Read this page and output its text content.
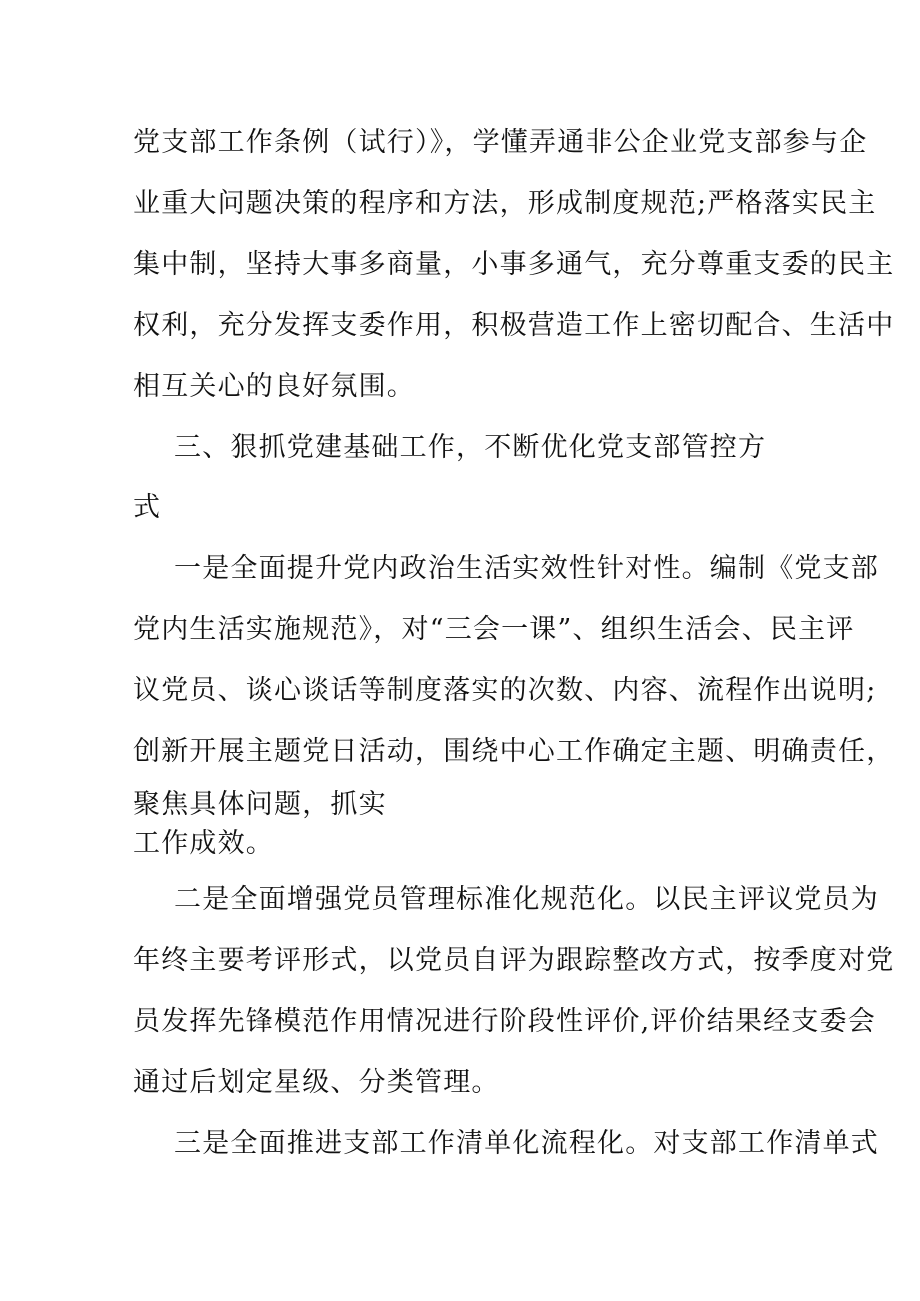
党支部工作条例（试行）》，学懂弄通非公企业党支部参与企
业重大问题决策的程序和方法，形成制度规范;严格落实民主
集中制，坚持大事多商量，小事多通气，充分尊重支委的民主
权利，充分发挥支委作用，积极营造工作上密切配合、生活中
相互关心的良好氛围。
三、狠抓党建基础工作，不断优化党支部管控方
式
一是全面提升党内政治生活实效性针对性。编制《党支部
党内生活实施规范》，对“三会一课”、组织生活会、民主评
议党员、谈心谈话等制度落实的次数、内容、流程作出说明;
创新开展主题党日活动，围绕中心工作确定主题、明确责任，
聚焦具体问题，抓实
工作成效。
二是全面增强党员管理标准化规范化。以民主评议党员为
年终主要考评形式，以党员自评为跟踪整改方式，按季度对党
员发挥先锋模范作用情况进行阶段性评价,评价结果经支委会
通过后划定星级、分类管理。
三是全面推进支部工作清单化流程化。对支部工作清单式
